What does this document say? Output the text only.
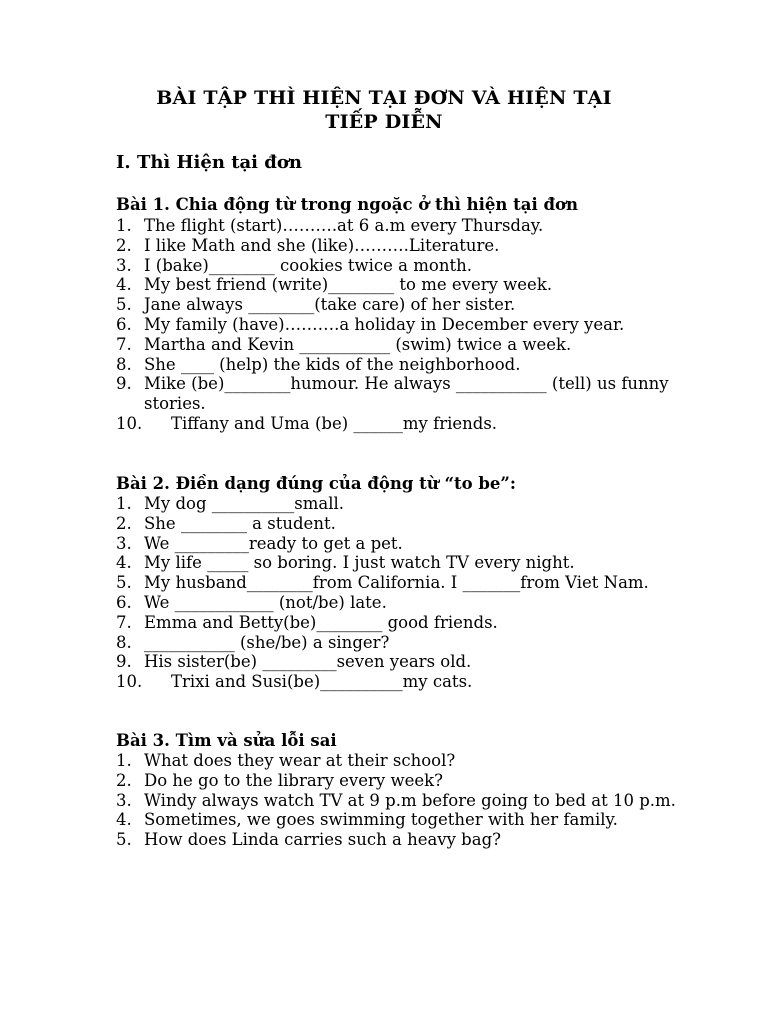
BÀI TẬP THÌ HIỆN TẠI ĐƠN VÀ HIỆN TẠI
TIẾP DIỄN
I. Thì Hiện tại đơn
Bài 1. Chia động từ trong ngoặc ở thì hiện tại đơn
1. The flight (start)……….at 6 a.m every Thursday.
2. I like Math and she (like)……….Literature.
3. I (bake)________ cookies twice a month.
4. My best friend (write)________ to me every week.
5. Jane always ________(take care) of her sister.
6. My family (have)……….a holiday in December every year.
7. Martha and Kevin ___________ (swim) twice a week.
8. She ____ (help) the kids of the neighborhood.
9. Mike (be)________humour. He always ___________ (tell) us funny stories.
10. Tiffany and Uma (be) ______my friends.
Bài 2. Điền dạng đúng của động từ “to be”:
1. My dog __________small.
2. She ________ a student.
3. We _________ready to get a pet.
4. My life _____ so boring. I just watch TV every night.
5. My husband________from California. I _______from Viet Nam.
6. We ____________ (not/be) late.
7. Emma and Betty(be)________ good friends.
8. ___________ (she/be) a singer?
9. His sister(be) _________seven years old.
10. Trixi and Susi(be)__________my cats.
Bài 3. Tìm và sửa lỗi sai
1. What does they wear at their school?
2. Do he go to the library every week?
3. Windy always watch TV at 9 p.m before going to bed at 10 p.m.
4. Sometimes, we goes swimming together with her family.
5. How does Linda carries such a heavy bag?
